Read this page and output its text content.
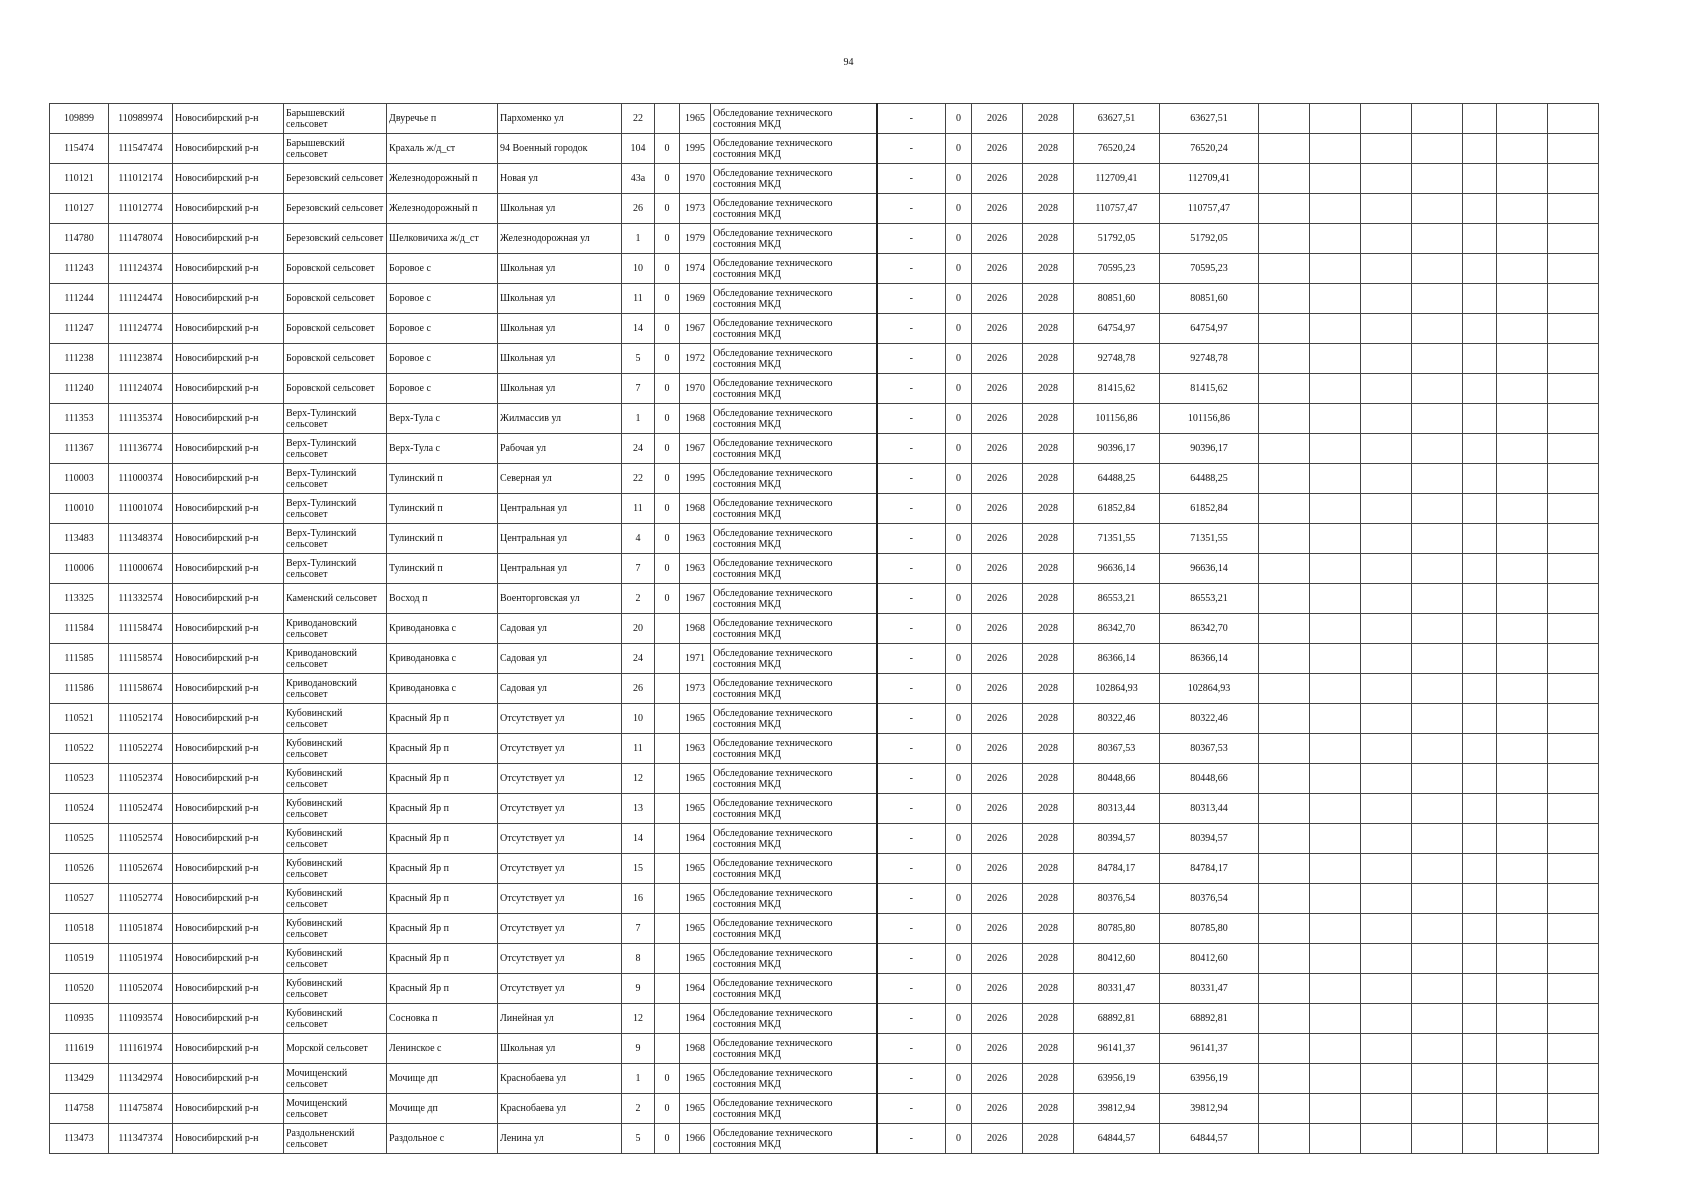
94
109899	110989974	Новосибирский р-н	Барышевский сельсовет	Двуречье п	Пархоменко ул	22		1965	Обследование технического состояния МКД	-	0	2026	2028	63627,51	63627,51							
115474	111547474	Новосибирский р-н	Барышевский сельсовет	Крахаль ж/д_ст	94 Военный городок	104	0	1995	Обследование технического состояния МКД	-	0	2026	2028	76520,24	76520,24							
110121	111012174	Новосибирский р-н	Березовский сельсовет	Железнодорожный п	Новая ул	43а	0	1970	Обследование технического состояния МКД	-	0	2026	2028	112709,41	112709,41							
110127	111012774	Новосибирский р-н	Березовский сельсовет	Железнодорожный п	Школьная ул	26	0	1973	Обследование технического состояния МКД	-	0	2026	2028	110757,47	110757,47							
114780	111478074	Новосибирский р-н	Березовский сельсовет	Шелковичиха ж/д_ст	Железнодорожная ул	1	0	1979	Обследование технического состояния МКД	-	0	2026	2028	51792,05	51792,05							
111243	111124374	Новосибирский р-н	Боровской сельсовет	Боровое с	Школьная ул	10	0	1974	Обследование технического состояния МКД	-	0	2026	2028	70595,23	70595,23							
111244	111124474	Новосибирский р-н	Боровской сельсовет	Боровое с	Школьная ул	11	0	1969	Обследование технического состояния МКД	-	0	2026	2028	80851,60	80851,60							
111247	111124774	Новосибирский р-н	Боровской сельсовет	Боровое с	Школьная ул	14	0	1967	Обследование технического состояния МКД	-	0	2026	2028	64754,97	64754,97							
111238	111123874	Новосибирский р-н	Боровской сельсовет	Боровое с	Школьная ул	5	0	1972	Обследование технического состояния МКД	-	0	2026	2028	92748,78	92748,78							
111240	111124074	Новосибирский р-н	Боровской сельсовет	Боровое с	Школьная ул	7	0	1970	Обследование технического состояния МКД	-	0	2026	2028	81415,62	81415,62							
111353	111135374	Новосибирский р-н	Верх-Тулинский сельсовет	Верх-Тула с	Жилмассив ул	1	0	1968	Обследование технического состояния МКД	-	0	2026	2028	101156,86	101156,86							
111367	111136774	Новосибирский р-н	Верх-Тулинский сельсовет	Верх-Тула с	Рабочая ул	24	0	1967	Обследование технического состояния МКД	-	0	2026	2028	90396,17	90396,17							
110003	111000374	Новосибирский р-н	Верх-Тулинский сельсовет	Тулинский п	Северная ул	22	0	1995	Обследование технического состояния МКД	-	0	2026	2028	64488,25	64488,25							
110010	111001074	Новосибирский р-н	Верх-Тулинский сельсовет	Тулинский п	Центральная ул	11	0	1968	Обследование технического состояния МКД	-	0	2026	2028	61852,84	61852,84							
113483	111348374	Новосибирский р-н	Верх-Тулинский сельсовет	Тулинский п	Центральная ул	4	0	1963	Обследование технического состояния МКД	-	0	2026	2028	71351,55	71351,55							
110006	111000674	Новосибирский р-н	Верх-Тулинский сельсовет	Тулинский п	Центральная ул	7	0	1963	Обследование технического состояния МКД	-	0	2026	2028	96636,14	96636,14							
113325	111332574	Новосибирский р-н	Каменский сельсовет	Восход п	Военторговская ул	2	0	1967	Обследование технического состояния МКД	-	0	2026	2028	86553,21	86553,21							
111584	111158474	Новосибирский р-н	Криводановский сельсовет	Криводановка с	Садовая ул	20		1968	Обследование технического состояния МКД	-	0	2026	2028	86342,70	86342,70							
111585	111158574	Новосибирский р-н	Криводановский сельсовет	Криводановка с	Садовая ул	24		1971	Обследование технического состояния МКД	-	0	2026	2028	86366,14	86366,14							
111586	111158674	Новосибирский р-н	Криводановский сельсовет	Криводановка с	Садовая ул	26		1973	Обследование технического состояния МКД	-	0	2026	2028	102864,93	102864,93							
110521	111052174	Новосибирский р-н	Кубовинский сельсовет	Красный Яр п	Отсутствует ул	10		1965	Обследование технического состояния МКД	-	0	2026	2028	80322,46	80322,46							
110522	111052274	Новосибирский р-н	Кубовинский сельсовет	Красный Яр п	Отсутствует ул	11		1963	Обследование технического состояния МКД	-	0	2026	2028	80367,53	80367,53							
110523	111052374	Новосибирский р-н	Кубовинский сельсовет	Красный Яр п	Отсутствует ул	12		1965	Обследование технического состояния МКД	-	0	2026	2028	80448,66	80448,66							
110524	111052474	Новосибирский р-н	Кубовинский сельсовет	Красный Яр п	Отсутствует ул	13		1965	Обследование технического состояния МКД	-	0	2026	2028	80313,44	80313,44							
110525	111052574	Новосибирский р-н	Кубовинский сельсовет	Красный Яр п	Отсутствует ул	14		1964	Обследование технического состояния МКД	-	0	2026	2028	80394,57	80394,57							
110526	111052674	Новосибирский р-н	Кубовинский сельсовет	Красный Яр п	Отсутствует ул	15		1965	Обследование технического состояния МКД	-	0	2026	2028	84784,17	84784,17							
110527	111052774	Новосибирский р-н	Кубовинский сельсовет	Красный Яр п	Отсутствует ул	16		1965	Обследование технического состояния МКД	-	0	2026	2028	80376,54	80376,54							
110518	111051874	Новосибирский р-н	Кубовинский сельсовет	Красный Яр п	Отсутствует ул	7		1965	Обследование технического состояния МКД	-	0	2026	2028	80785,80	80785,80							
110519	111051974	Новосибирский р-н	Кубовинский сельсовет	Красный Яр п	Отсутствует ул	8		1965	Обследование технического состояния МКД	-	0	2026	2028	80412,60	80412,60							
110520	111052074	Новосибирский р-н	Кубовинский сельсовет	Красный Яр п	Отсутствует ул	9		1964	Обследование технического состояния МКД	-	0	2026	2028	80331,47	80331,47							
110935	111093574	Новосибирский р-н	Кубовинский сельсовет	Сосновка п	Линейная ул	12		1964	Обследование технического состояния МКД	-	0	2026	2028	68892,81	68892,81							
111619	111161974	Новосибирский р-н	Морской сельсовет	Ленинское с	Школьная ул	9		1968	Обследование технического состояния МКД	-	0	2026	2028	96141,37	96141,37							
113429	111342974	Новосибирский р-н	Мочищенский сельсовет	Мочище дп	Краснобаева ул	1	0	1965	Обследование технического состояния МКД	-	0	2026	2028	63956,19	63956,19							
114758	111475874	Новосибирский р-н	Мочищенский сельсовет	Мочище дп	Краснобаева ул	2	0	1965	Обследование технического состояния МКД	-	0	2026	2028	39812,94	39812,94							
113473	111347374	Новосибирский р-н	Раздольненский сельсовет	Раздольное с	Ленина ул	5	0	1966	Обследование технического состояния МКД	-	0	2026	2028	64844,57	64844,57							
